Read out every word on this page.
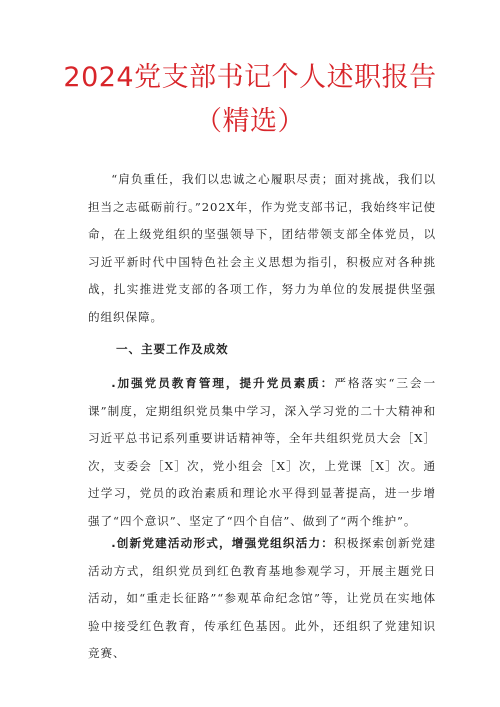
2024党支部书记个人述职报告
（精选）
“肩负重任，我们以忠诚之心履职尽责；面对挑战，我们以担当之志砥砺前行。”202X年，作为党支部书记，我始终牢记使命，在上级党组织的坚强领导下，团结带领支部全体党员，以习近平新时代中国特色社会主义思想为指引，积极应对各种挑战，扎实推进党支部的各项工作，努力为单位的发展提供坚强的组织保障。
一、主要工作及成效
.加强党员教育管理，提升党员素质：严格落实“三会一课”制度，定期组织党员集中学习，深入学习党的二十大精神和习近平总书记系列重要讲话精神等，全年共组织党员大会［X］次，支委会［X］次，党小组会［X］次，上党课［X］次。通过学习，党员的政治素质和理论水平得到显著提高，进一步增强了“四个意识”、坚定了“四个自信”、做到了“两个维护”。
.创新党建活动形式，增强党组织活力：积极探索创新党建活动方式，组织党员到红色教育基地参观学习，开展主题党日活动，如“重走长征路”“参观革命纪念馆”等，让党员在实地体验中接受红色教育，传承红色基因。此外，还组织了党建知识竞赛、
